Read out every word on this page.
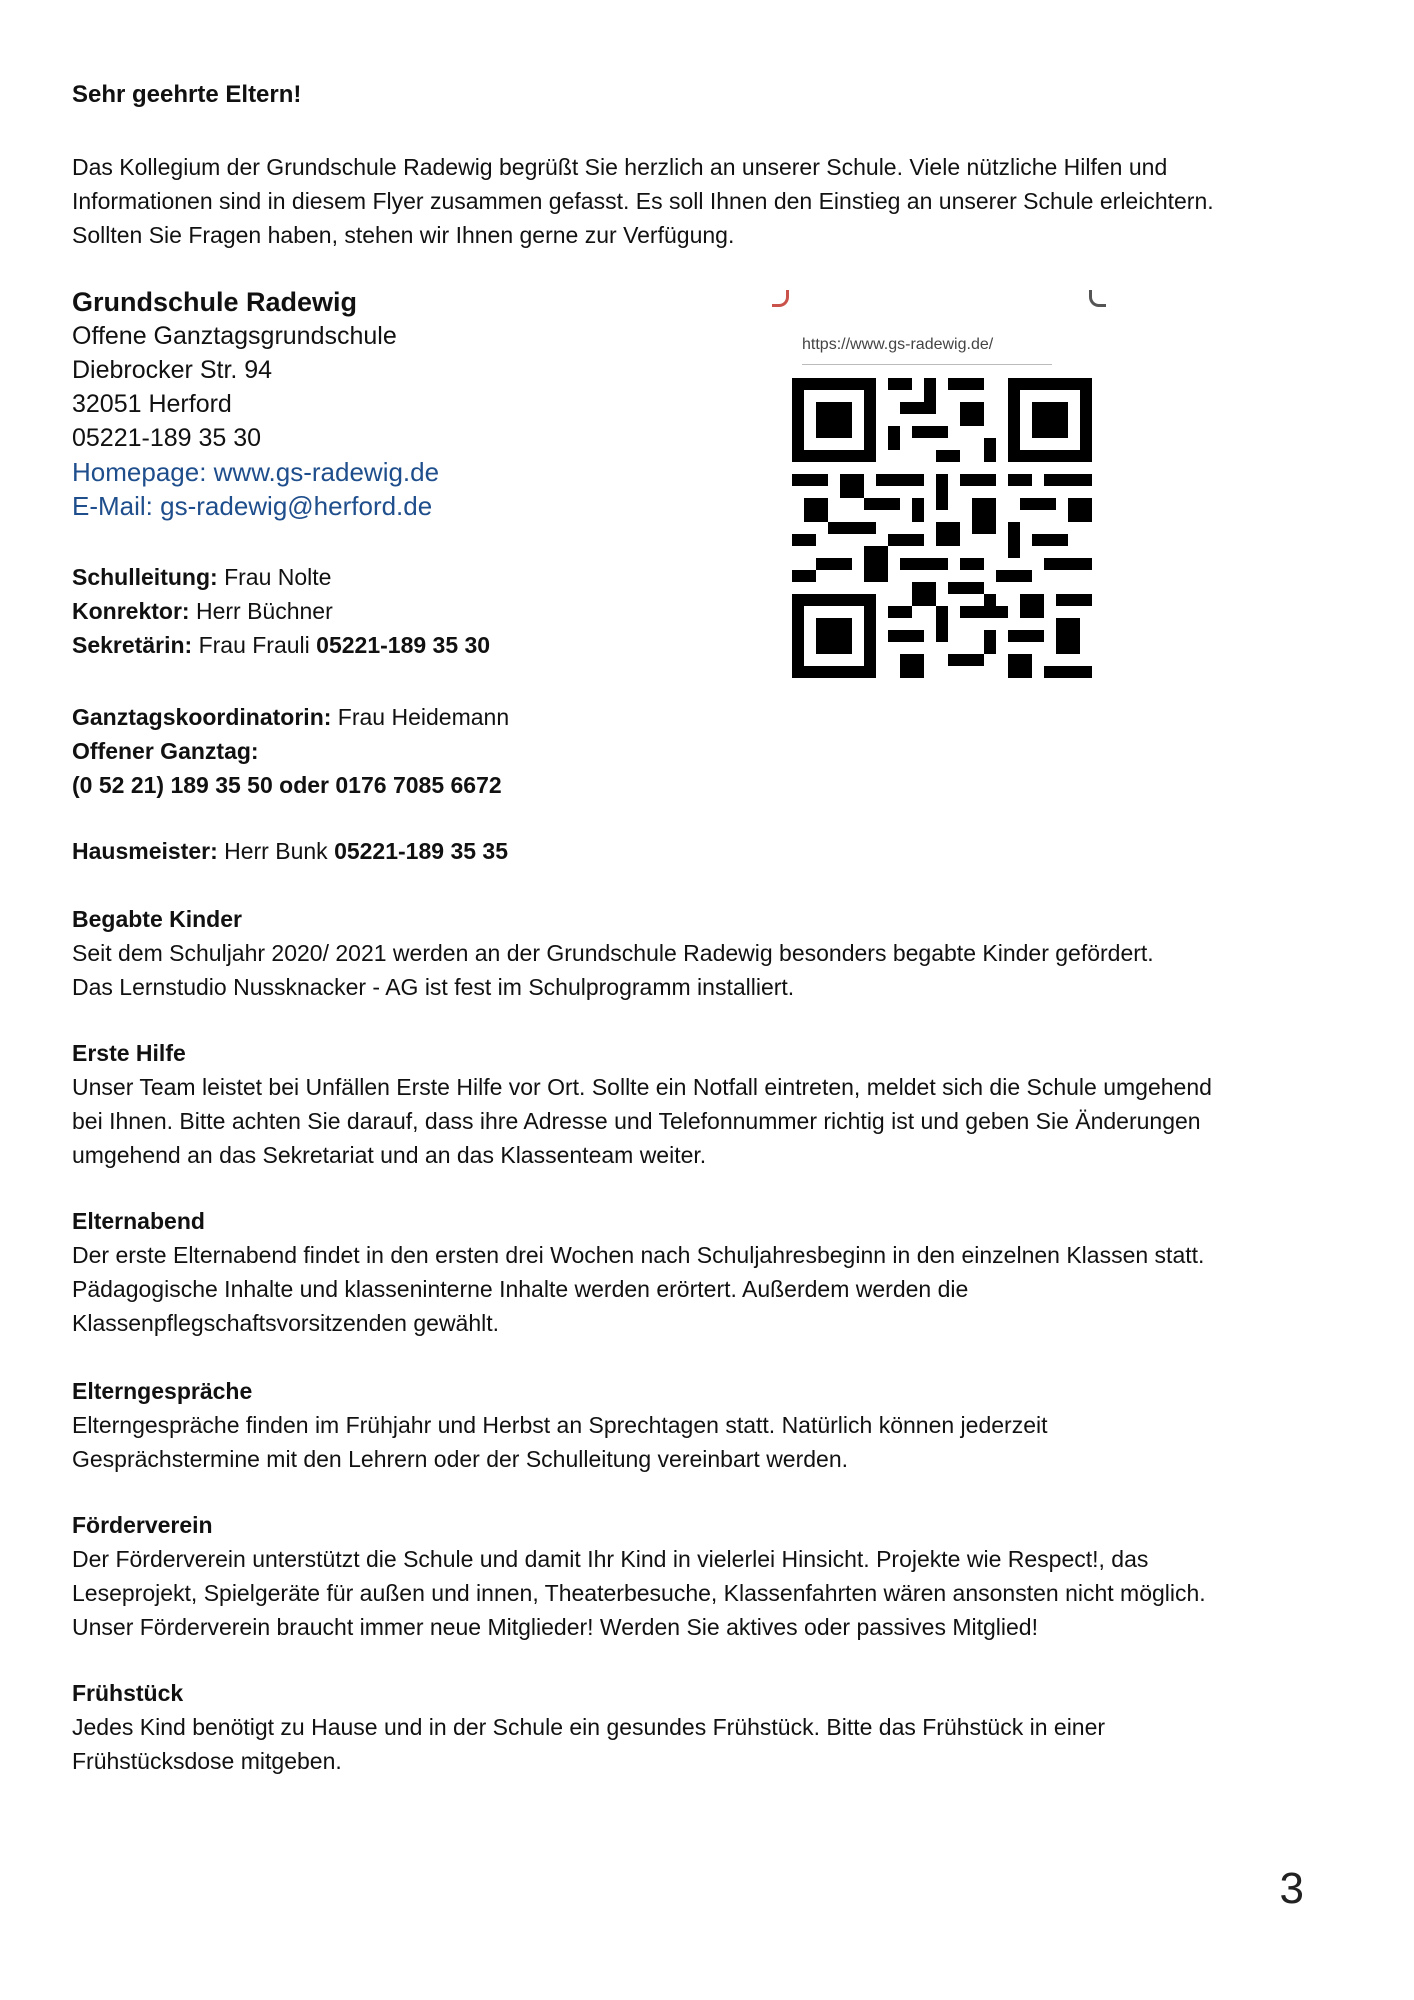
Sehr geehrte Eltern!
Das Kollegium der Grundschule Radewig begrüßt Sie herzlich an unserer Schule. Viele nützliche Hilfen und
Informationen sind in diesem Flyer zusammen gefasst. Es soll Ihnen den Einstieg an unserer Schule erleichtern.
Sollten Sie Fragen haben, stehen wir Ihnen gerne zur Verfügung.
Grundschule Radewig
Offene Ganztagsgrundschule
Diebrocker Str. 94
32051 Herford
05221-189 35 30
Homepage: www.gs-radewig.de
E-Mail: gs-radewig@herford.de
https://www.gs-radewig.de/
Schulleitung: Frau Nolte
Konrektor: Herr Büchner
Sekretärin: Frau Frauli 05221-189 35 30
Ganztagskoordinatorin: Frau Heidemann
Offener Ganztag:
(0 52 21) 189 35 50 oder 0176 7085 6672
Hausmeister: Herr Bunk 05221-189 35 35
Begabte Kinder
Seit dem Schuljahr 2020/ 2021 werden an der Grundschule Radewig besonders begabte Kinder gefördert.
Das Lernstudio Nussknacker - AG ist fest im Schulprogramm installiert.
Erste Hilfe
Unser Team leistet bei Unfällen Erste Hilfe vor Ort. Sollte ein Notfall eintreten, meldet sich die Schule umgehend
bei Ihnen. Bitte achten Sie darauf, dass ihre Adresse und Telefonnummer richtig ist und geben Sie Änderungen
umgehend an das Sekretariat und an das Klassenteam weiter.
Elternabend
Der erste Elternabend findet in den ersten drei Wochen nach Schuljahresbeginn in den einzelnen Klassen statt.
Pädagogische Inhalte und klasseninterne Inhalte werden erörtert. Außerdem werden die
Klassenpflegschaftsvorsitzenden gewählt.
Elterngespräche
Elterngespräche finden im Frühjahr und Herbst an Sprechtagen statt. Natürlich können jederzeit
Gesprächstermine mit den Lehrern oder der Schulleitung vereinbart werden.
Förderverein
Der Förderverein unterstützt die Schule und damit Ihr Kind in vielerlei Hinsicht. Projekte wie Respect!, das
Leseprojekt, Spielgeräte für außen und innen, Theaterbesuche, Klassenfahrten wären ansonsten nicht möglich.
Unser Förderverein braucht immer neue Mitglieder! Werden Sie aktives oder passives Mitglied!
Frühstück
Jedes Kind benötigt zu Hause und in der Schule ein gesundes Frühstück. Bitte das Frühstück in einer
Frühstücksdose mitgeben.
3
